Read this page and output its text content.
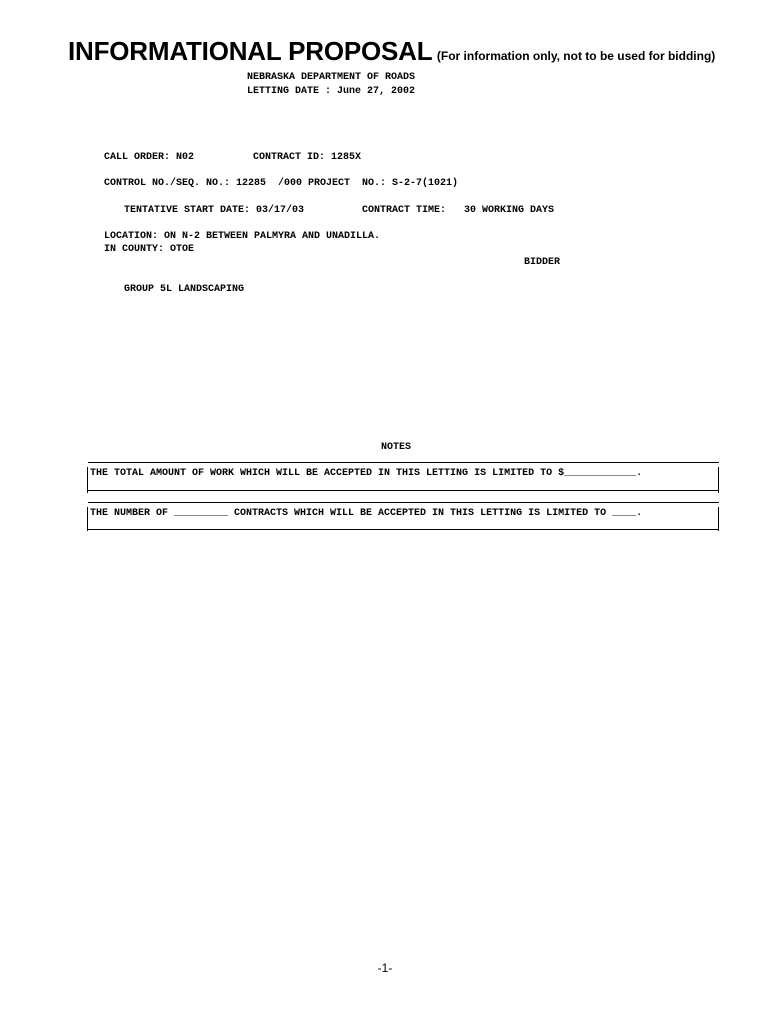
INFORMATIONAL PROPOSAL (For information only, not to be used for bidding)
NEBRASKA DEPARTMENT OF ROADS
LETTING DATE : June 27, 2002
CALL ORDER: N02	CONTRACT ID: 1285X
CONTROL NO./SEQ. NO.: 12285  /000 PROJECT  NO.: S-2-7(1021)
TENTATIVE START DATE: 03/17/03	CONTRACT TIME:   30 WORKING DAYS
LOCATION: ON N-2 BETWEEN PALMYRA AND UNADILLA.
IN COUNTY: OTOE
BIDDER
GROUP 5L LANDSCAPING
NOTES
THE TOTAL AMOUNT OF WORK WHICH WILL BE ACCEPTED IN THIS LETTING IS LIMITED TO $____________.
THE NUMBER OF _________ CONTRACTS WHICH WILL BE ACCEPTED IN THIS LETTING IS LIMITED TO ____.
-1-
